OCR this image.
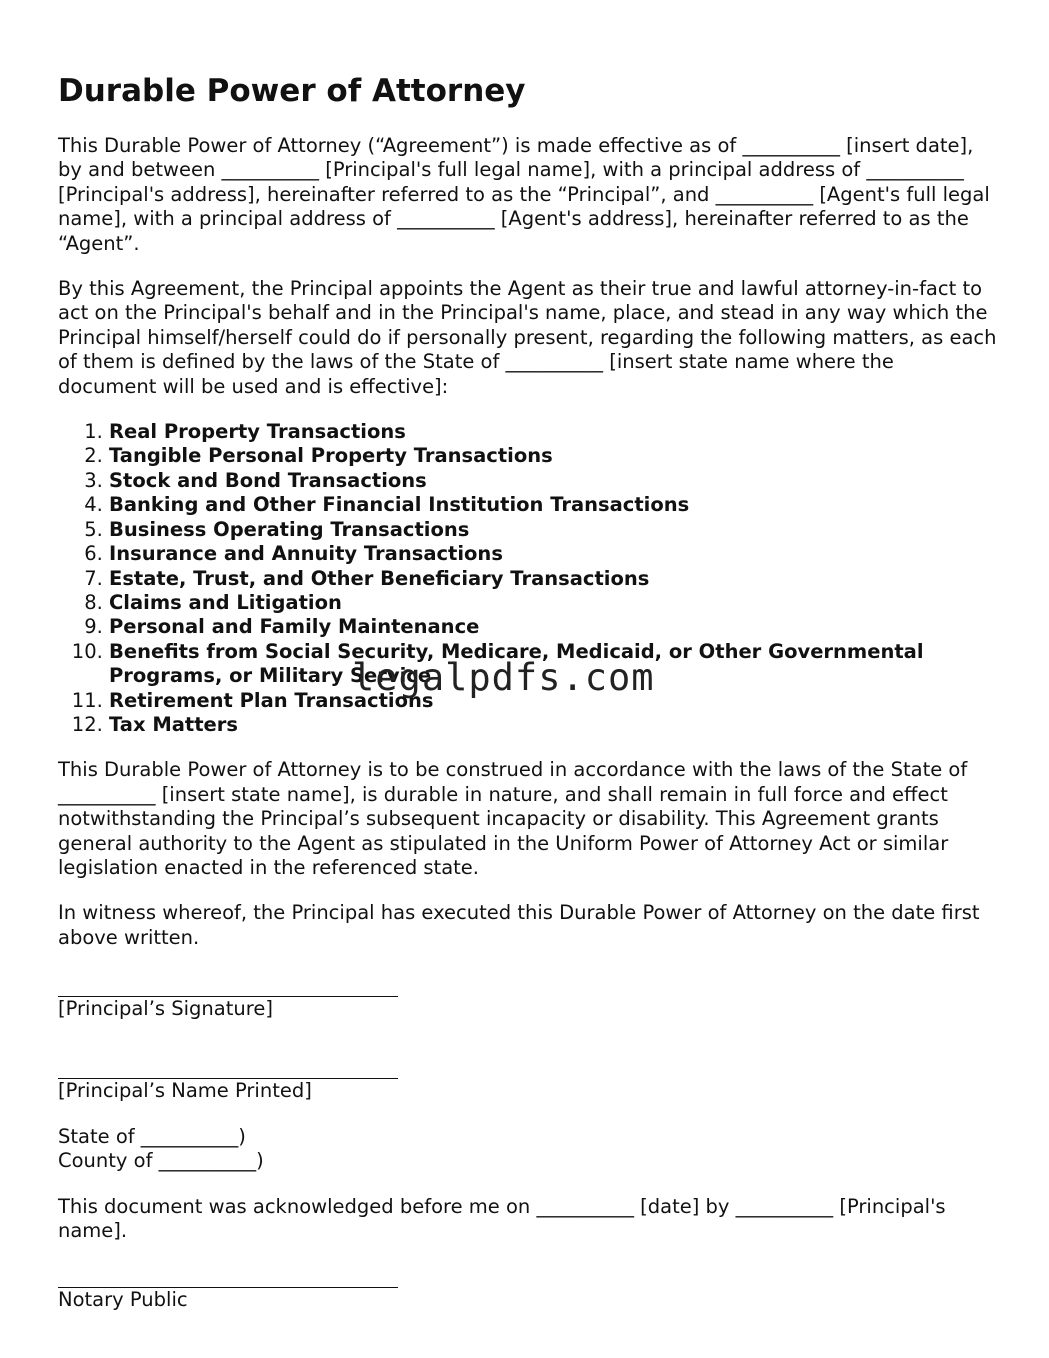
Durable Power of Attorney

This Durable Power of Attorney (“Agreement”) is made effective as of __________ [insert date], by and between __________ [Principal's full legal name], with a principal address of __________ [Principal's address], hereinafter referred to as the “Principal”, and __________ [Agent's full legal name], with a principal address of __________ [Agent's address], hereinafter referred to as the “Agent”.

By this Agreement, the Principal appoints the Agent as their true and lawful attorney-in-fact to act on the Principal's behalf and in the Principal's name, place, and stead in any way which the Principal himself/herself could do if personally present, regarding the following matters, as each of them is defined by the laws of the State of __________ [insert state name where the document will be used and is effective]:

1. Real Property Transactions
2. Tangible Personal Property Transactions
3. Stock and Bond Transactions
4. Banking and Other Financial Institution Transactions
5. Business Operating Transactions
6. Insurance and Annuity Transactions
7. Estate, Trust, and Other Beneficiary Transactions
8. Claims and Litigation
9. Personal and Family Maintenance
10. Benefits from Social Security, Medicare, Medicaid, or Other Governmental Programs, or Military Service
11. Retirement Plan Transactions
12. Tax Matters

This Durable Power of Attorney is to be construed in accordance with the laws of the State of __________ [insert state name], is durable in nature, and shall remain in full force and effect notwithstanding the Principal’s subsequent incapacity or disability. This Agreement grants general authority to the Agent as stipulated in the Uniform Power of Attorney Act or similar legislation enacted in the referenced state.

In witness whereof, the Principal has executed this Durable Power of Attorney on the date first above written.

[Principal’s Signature]
[Principal’s Name Printed]
State of __________)
County of __________)

This document was acknowledged before me on __________ [date] by __________ [Principal's name].

Notary Public
legalpdfs.com
